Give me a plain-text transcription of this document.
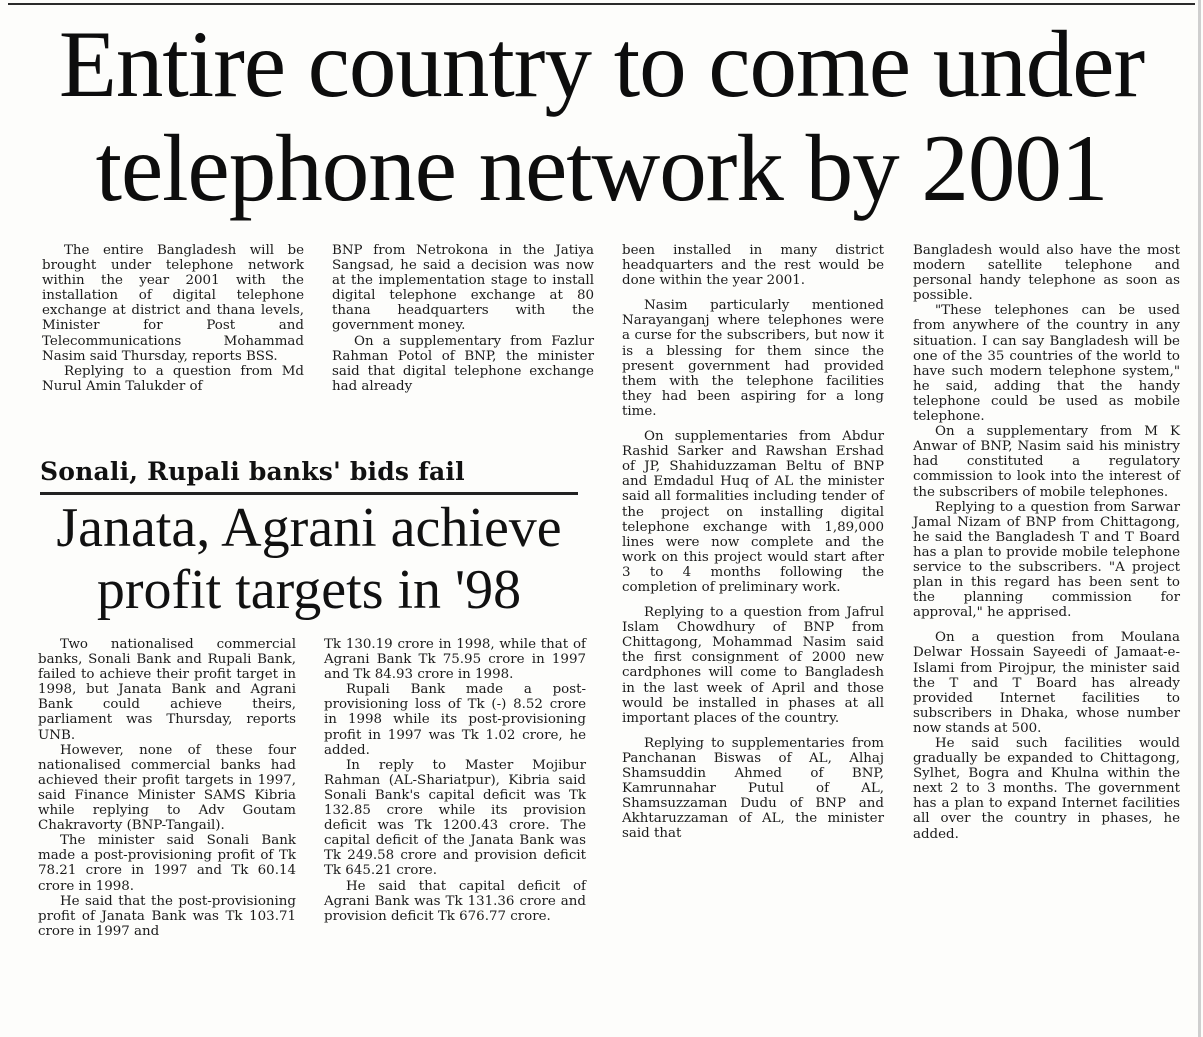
Entire country to come under
telephone network by 2001

The entire Bangladesh will be brought under telephone network within the year 2001 with the installation of digital telephone exchange at district and thana levels, Minister for Post and Telecommunications Mohammad Nasim said Thursday, reports BSS.

Replying to a question from Md Nurul Amin Talukder of

BNP from Netrokona in the Jatiya Sangsad, he said a decision was now at the implementation stage to install digital telephone exchange at 80 thana headquarters with the government money.

On a supplementary from Fazlur Rahman Potol of BNP, the minister said that digital telephone exchange had already

been installed in many district headquarters and the rest would be done within the year 2001.

Nasim particularly mentioned Narayanganj where telephones were a curse for the subscribers, but now it is a blessing for them since the present government had provided them with the telephone facilities they had been aspiring for a long time.

On supplementaries from Abdur Rashid Sarker and Rawshan Ershad of JP, Shahiduzzaman Beltu of BNP and Emdadul Huq of AL the minister said all formalities including tender of the project on installing digital telephone exchange with 1,89,000 lines were now complete and the work on this project would start after 3 to 4 months following the completion of preliminary work.

Replying to a question from Jafrul Islam Chowdhury of BNP from Chittagong, Mohammad Nasim said the first consignment of 2000 new cardphones will come to Bangladesh in the last week of April and those would be installed in phases at all important places of the country.

Replying to supplementaries from Panchanan Biswas of AL, Alhaj Shamsuddin Ahmed of BNP, Kamrunnahar Putul of AL, Shamsuzzaman Dudu of BNP and Akhtaruzzaman of AL, the minister said that

Bangladesh would also have the most modern satellite telephone and personal handy telephone as soon as possible.

"These telephones can be used from anywhere of the country in any situation. I can say Bangladesh will be one of the 35 countries of the world to have such modern telephone system," he said, adding that the handy telephone could be used as mobile telephone.

On a supplementary from M K Anwar of BNP, Nasim said his ministry had constituted a regulatory commission to look into the interest of the subscribers of mobile telephones.

Replying to a question from Sarwar Jamal Nizam of BNP from Chittagong, he said the Bangladesh T and T Board has a plan to provide mobile telephone service to the subscribers. "A project plan in this regard has been sent to the planning commission for approval," he apprised.

On a question from Moulana Delwar Hossain Sayeedi of Jamaat-e-Islami from Pirojpur, the minister said the T and T Board has already provided Internet facilities to subscribers in Dhaka, whose number now stands at 500.

He said such facilities would gradually be expanded to Chittagong, Sylhet, Bogra and Khulna within the next 2 to 3 months. The government has a plan to expand Internet facilities all over the country in phases, he added.

Sonali, Rupali banks' bids fail
Janata, Agrani achieve
profit targets in '98

Two nationalised commercial banks, Sonali Bank and Rupali Bank, failed to achieve their profit target in 1998, but Janata Bank and Agrani Bank could achieve theirs, parliament was Thursday, reports UNB.

However, none of these four nationalised commercial banks had achieved their profit targets in 1997, said Finance Minister SAMS Kibria while replying to Adv Goutam Chakravorty (BNP-Tangail).

The minister said Sonali Bank made a post-provisioning profit of Tk 78.21 crore in 1997 and Tk 60.14 crore in 1998.

He said that the post-provisioning profit of Janata Bank was Tk 103.71 crore in 1997 and

Tk 130.19 crore in 1998, while that of Agrani Bank Tk 75.95 crore in 1997 and Tk 84.93 crore in 1998.

Rupali Bank made a post-provisioning loss of Tk (-) 8.52 crore in 1998 while its post-provisioning profit in 1997 was Tk 1.02 crore, he added.

In reply to Master Mojibur Rahman (AL-Shariatpur), Kibria said Sonali Bank's capital deficit was Tk 132.85 crore while its provision deficit was Tk 1200.43 crore. The capital deficit of the Janata Bank was Tk 249.58 crore and provision deficit Tk 645.21 crore.

He said that capital deficit of Agrani Bank was Tk 131.36 crore and provision deficit Tk 676.77 crore.
